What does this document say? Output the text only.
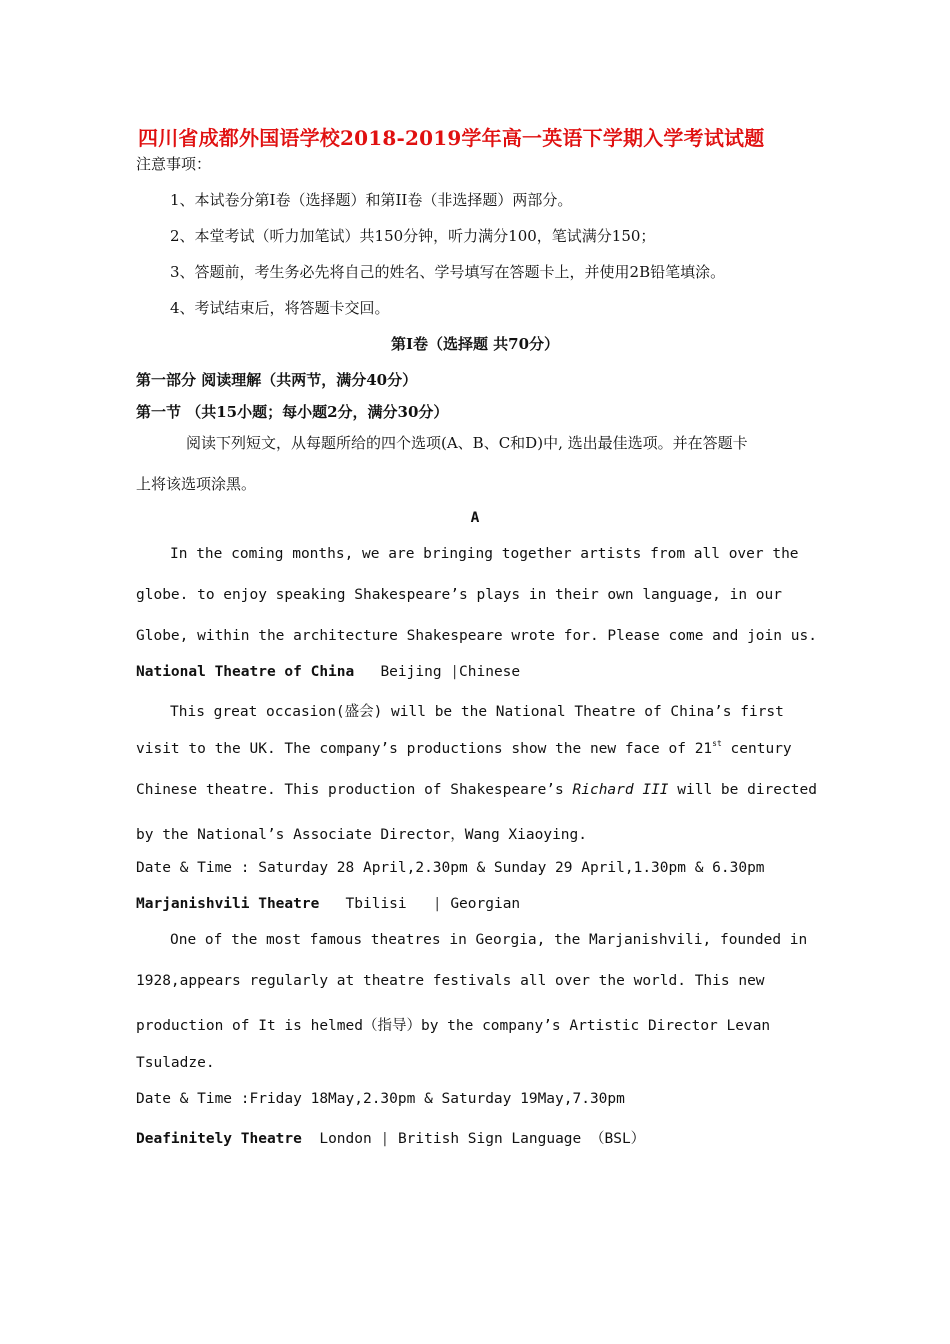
四川省成都外国语学校2018-2019学年高一英语下学期入学考试试题
注意事项：
1、本试卷分第Ⅰ卷（选择题）和第II卷（非选择题）两部分。
2、本堂考试（听力加笔试）共150分钟，听力满分100，笔试满分150；
3、答题前，考生务必先将自己的姓名、学号填写在答题卡上，并使用2B铅笔填涂。
4、考试结束后，将答题卡交回。
第Ⅰ卷（选择题 共70分）
第一部分 阅读理解（共两节，满分40分）
第一节 （共15小题；每小题2分，满分30分）
阅读下列短文，从每题所给的四个选项(A、B、C和D)中, 选出最佳选项。并在答题卡
上将该选项涂黑。
A
In the coming months, we are bringing together artists from all over the
globe. to enjoy speaking Shakespeare’s plays in their own language, in our
Globe, within the architecture Shakespeare wrote for. Please come and join us.
National Theatre of China Beijing |Chinese
This great occasion(盛会) will be the National Theatre of China’s first
visit to the UK. The company’s productions show the new face of 21st century
Chinese theatre. This production of Shakespeare’s Richard III will be directed
by the National’s Associate Director，Wang Xiaoying.
Date & Time : Saturday 28 April,2.30pm & Sunday 29 April,1.30pm & 6.30pm
Marjanishvili Theatre Tbilisi | Georgian
One of the most famous theatres in Georgia, the Marjanishvili, founded in
1928,appears regularly at theatre festivals all over the world. This new
production of It is helmed（指导）by the company’s Artistic Director Levan
Tsuladze.
Date & Time :Friday 18May,2.30pm & Saturday 19May,7.30pm
Deafinitely Theatre London | British Sign Language （BSL）
